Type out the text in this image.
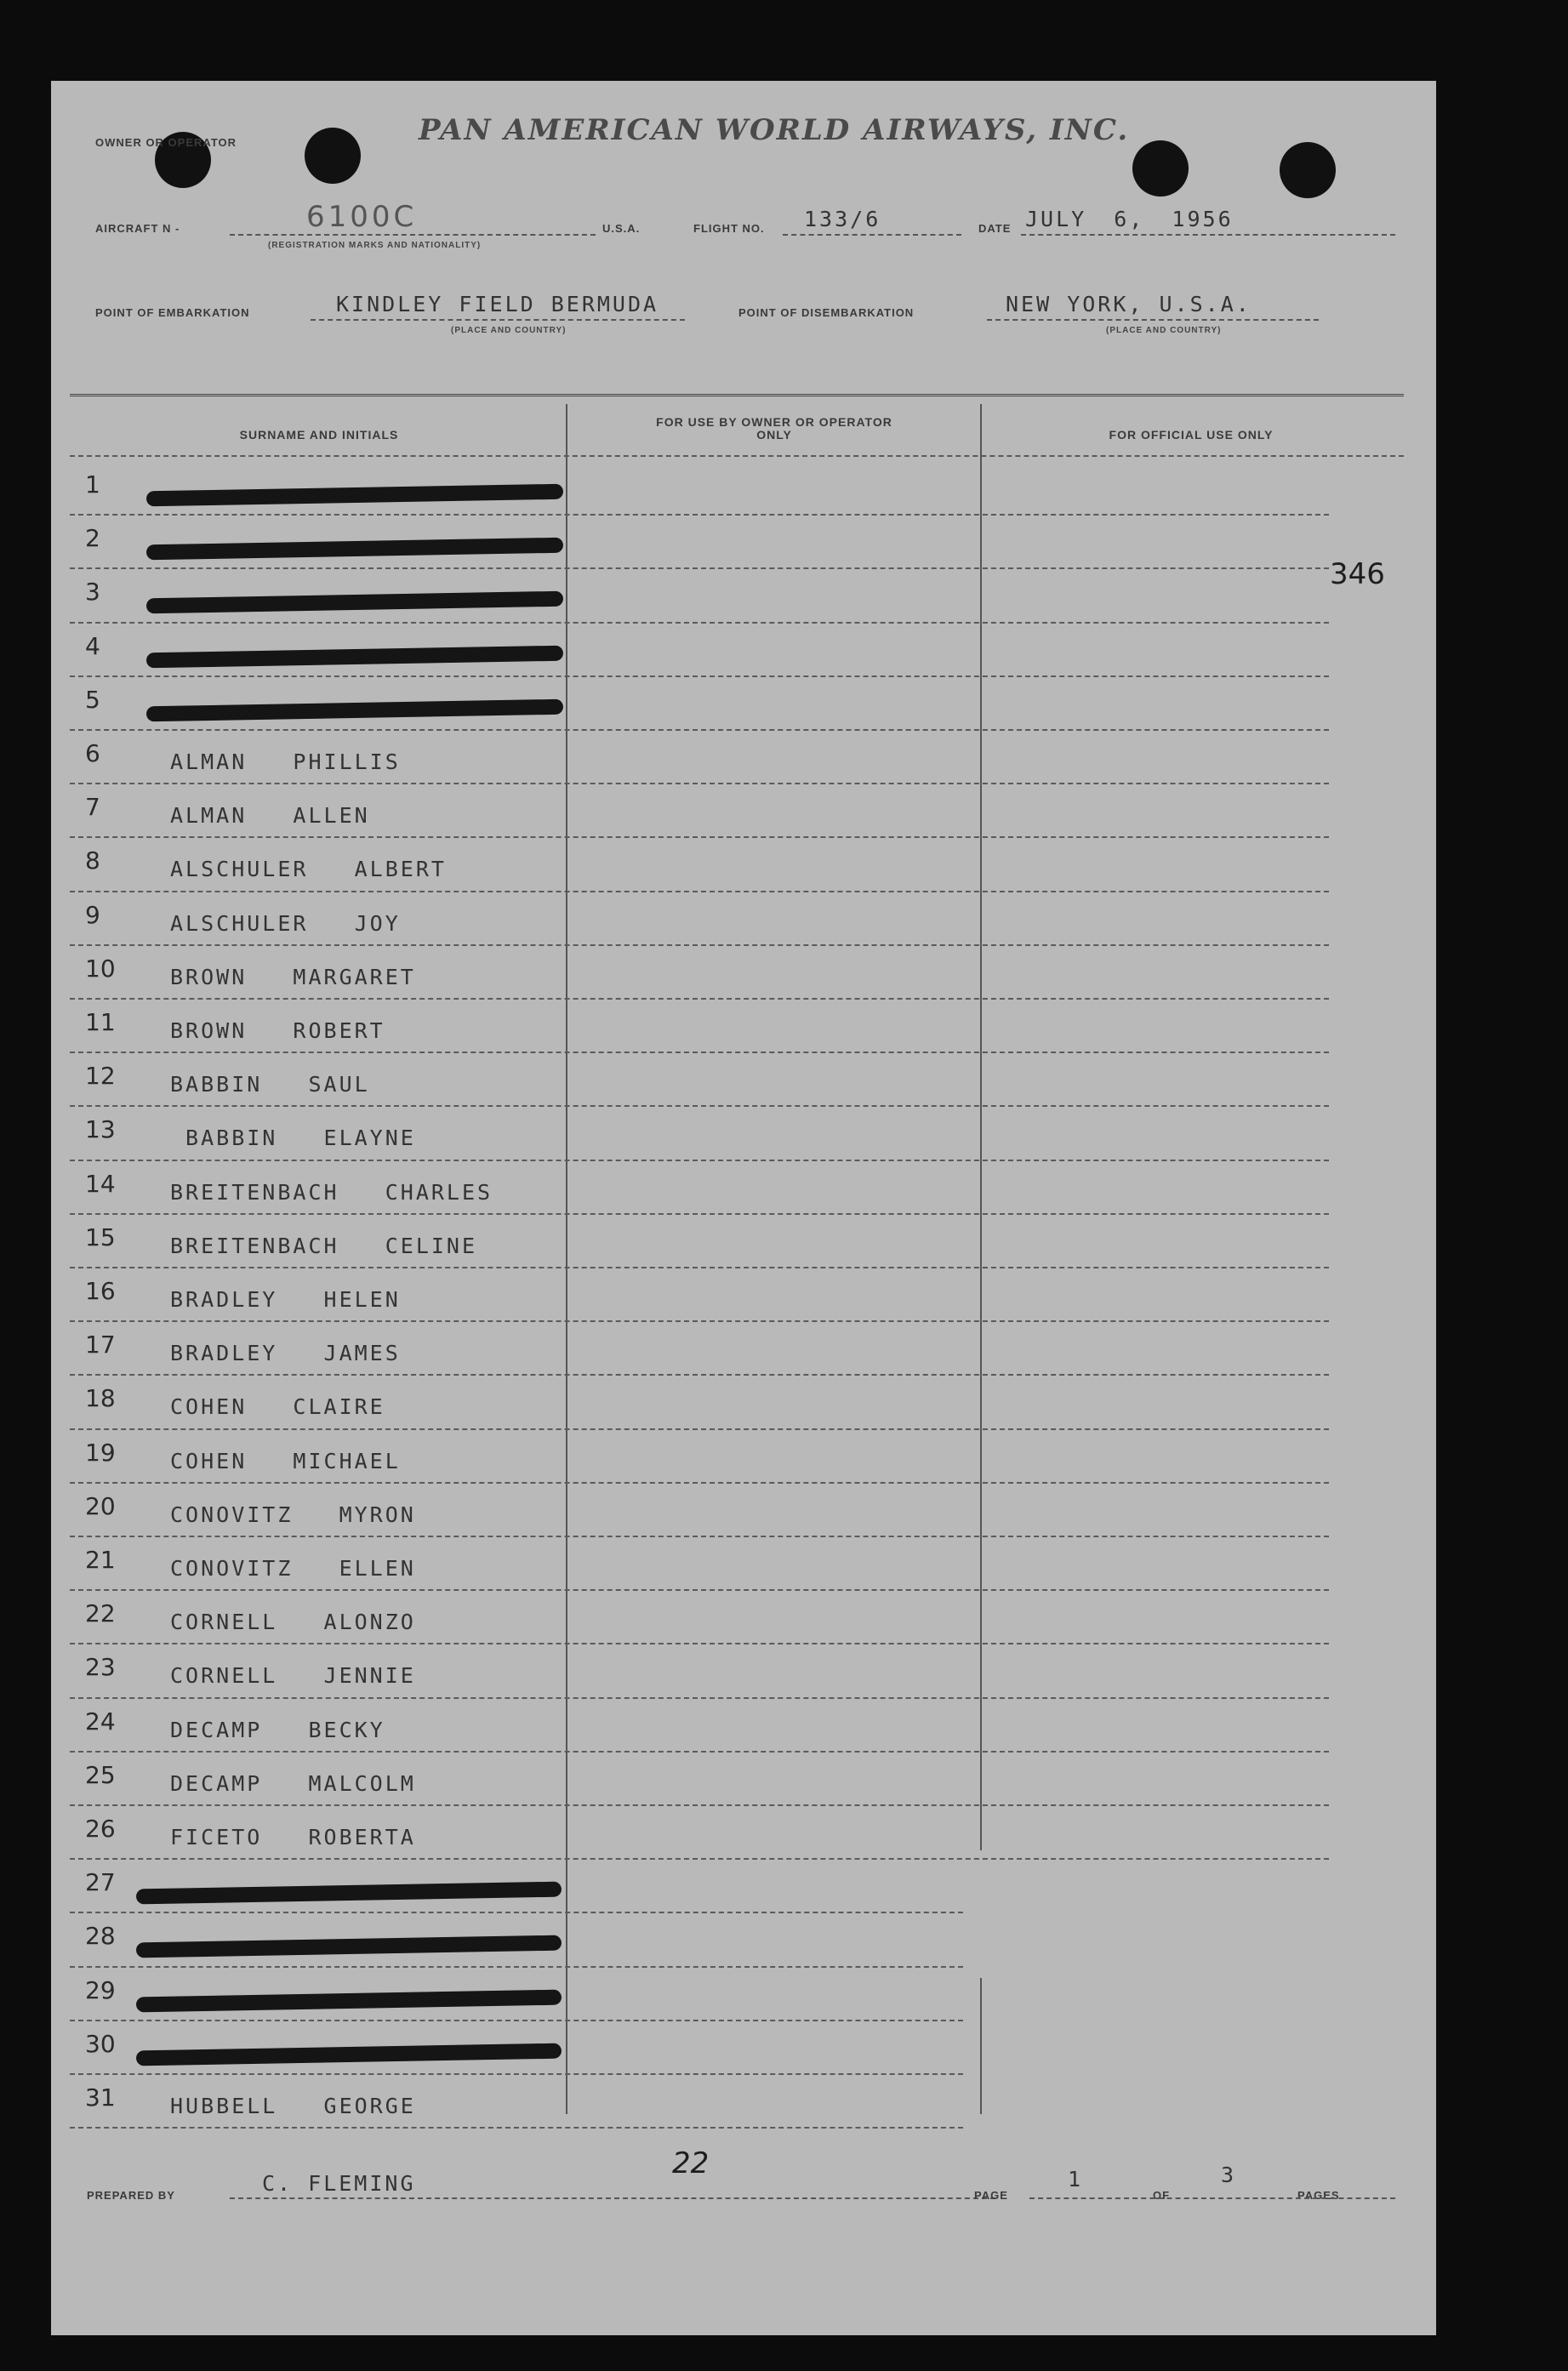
OWNER OR OPERATOR	PAN AMERICAN WORLD AIRWAYS, INC.
AIRCRAFT N -	6100C
(REGISTRATION MARKS AND NATIONALITY)
U.S.A.	FLIGHT NO. 133/6	DATE JULY 6, 1956
POINT OF EMBARKATION	KINDLEY FIELD BERMUDA
(PLACE AND COUNTRY)
POINT OF DISEMBARKATION	NEW YORK, U.S.A.
(PLACE AND COUNTRY)
SURNAME AND INITIALS
FOR USE BY OWNER OR OPERATOR ONLY	FOR OFFICIAL USE ONLY
346
1
2
3
4
5
6	ALMAN   PHILLIS
7	ALMAN   ALLEN
8	ALSCHULER   ALBERT
9	ALSCHULER   JOY
10	BROWN   MARGARET
11	BROWN   ROBERT
12	BABBIN   SAUL
13	BABBIN   ELAYNE
14	BREITENBACH   CHARLES
15	BREITENBACH   CELINE
16	BRADLEY   HELEN
17	BRADLEY   JAMES
18	COHEN   CLAIRE
19	COHEN   MICHAEL
20	CONOVITZ   MYRON
21	CONOVITZ   ELLEN
22	CORNELL   ALONZO
23	CORNELL   JENNIE
24	DECAMP   BECKY
25	DECAMP   MALCOLM
26	FICETO   ROBERTA
27
28
29
30
31	HUBBELL   GEORGE
PREPARED BY	C. FLEMING
22
PAGE
1
OF
3
PAGES
